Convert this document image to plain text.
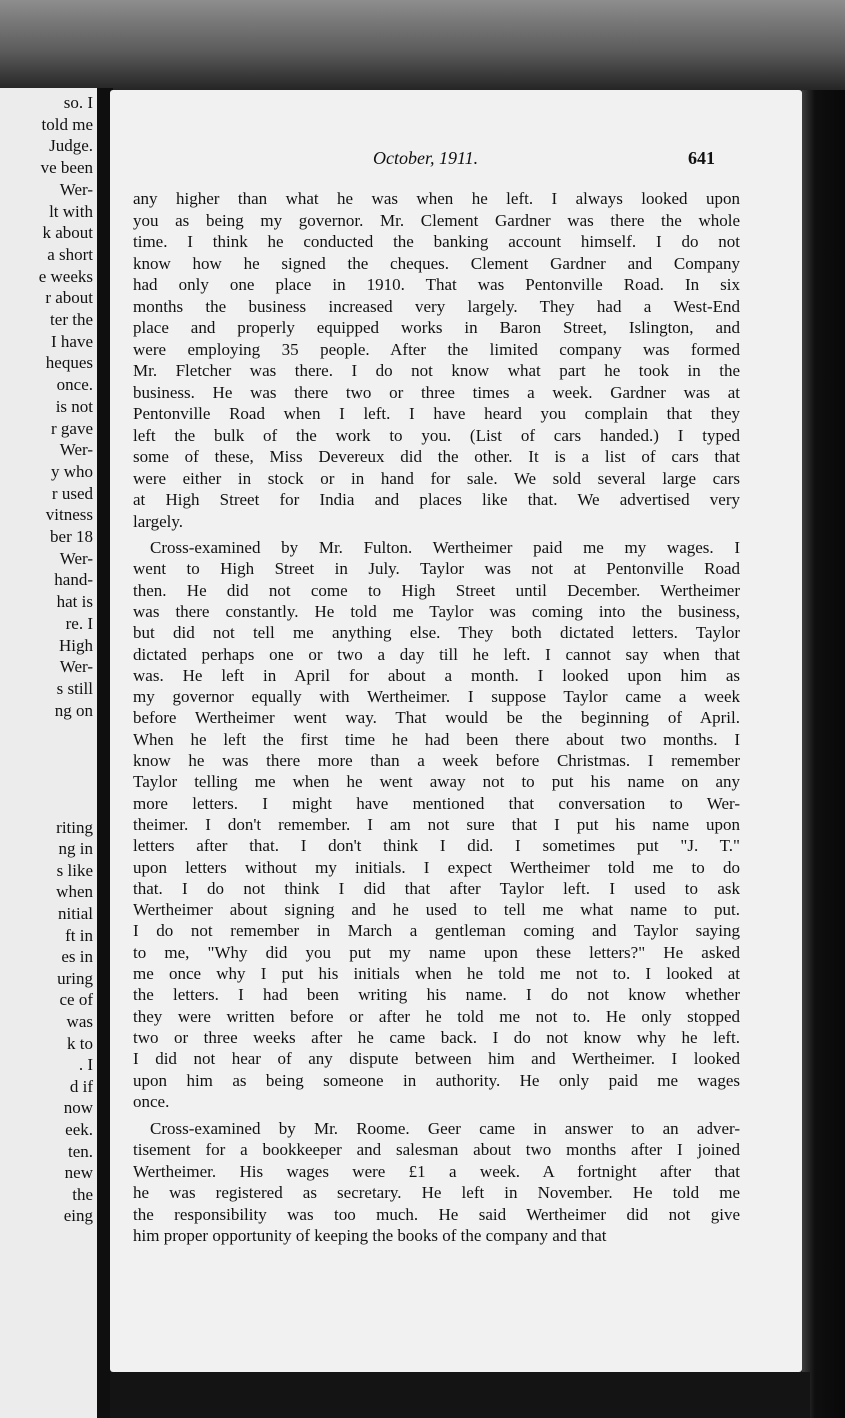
so. I
told me
Judge.
ve been
Wer-
lt with
k about
a short
e weeks
r about
ter the
I have
heques
once.
is not
r gave
Wer-
y who
r used
vitness
ber 18
Wer-
hand-
hat is
re. I
High
Wer-
s still
ng on
riting
ng in
s like
when
nitial
ft in
es in
uring
ce of
was
k to
. I
d if
now
eek.
ten.
new
the
eing
October, 1911.	641
any higher than what he was when he left. I always looked upon
you as being my governor. Mr. Clement Gardner was there the whole
time. I think he conducted the banking account himself. I do not
know how he signed the cheques. Clement Gardner and Company
had only one place in 1910. That was Pentonville Road. In six
months the business increased very largely. They had a West-End
place and properly equipped works in Baron Street, Islington, and
were employing 35 people. After the limited company was formed
Mr. Fletcher was there. I do not know what part he took in the
business. He was there two or three times a week. Gardner was at
Pentonville Road when I left. I have heard you complain that they
left the bulk of the work to you. (List of cars handed.) I typed
some of these, Miss Devereux did the other. It is a list of cars that
were either in stock or in hand for sale. We sold several large cars
at High Street for India and places like that. We advertised very
largely.
Cross-examined by Mr. Fulton. Wertheimer paid me my wages. I
went to High Street in July. Taylor was not at Pentonville Road
then. He did not come to High Street until December. Wertheimer
was there constantly. He told me Taylor was coming into the business,
but did not tell me anything else. They both dictated letters. Taylor
dictated perhaps one or two a day till he left. I cannot say when that
was. He left in April for about a month. I looked upon him as
my governor equally with Wertheimer. I suppose Taylor came a week
before Wertheimer went way. That would be the beginning of April.
When he left the first time he had been there about two months. I
know he was there more than a week before Christmas. I remember
Taylor telling me when he went away not to put his name on any
more letters. I might have mentioned that conversation to Wer-
theimer. I don't remember. I am not sure that I put his name upon
letters after that. I don't think I did. I sometimes put "J. T."
upon letters without my initials. I expect Wertheimer told me to do
that. I do not think I did that after Taylor left. I used to ask
Wertheimer about signing and he used to tell me what name to put.
I do not remember in March a gentleman coming and Taylor saying
to me, "Why did you put my name upon these letters?" He asked
me once why I put his initials when he told me not to. I looked at
the letters. I had been writing his name. I do not know whether
they were written before or after he told me not to. He only stopped
two or three weeks after he came back. I do not know why he left.
I did not hear of any dispute between him and Wertheimer. I looked
upon him as being someone in authority. He only paid me wages
once.
Cross-examined by Mr. Roome. Geer came in answer to an adver-
tisement for a bookkeeper and salesman about two months after I joined
Wertheimer. His wages were £1 a week. A fortnight after that
he was registered as secretary. He left in November. He told me
the responsibility was too much. He said Wertheimer did not give
him proper opportunity of keeping the books of the company and that
